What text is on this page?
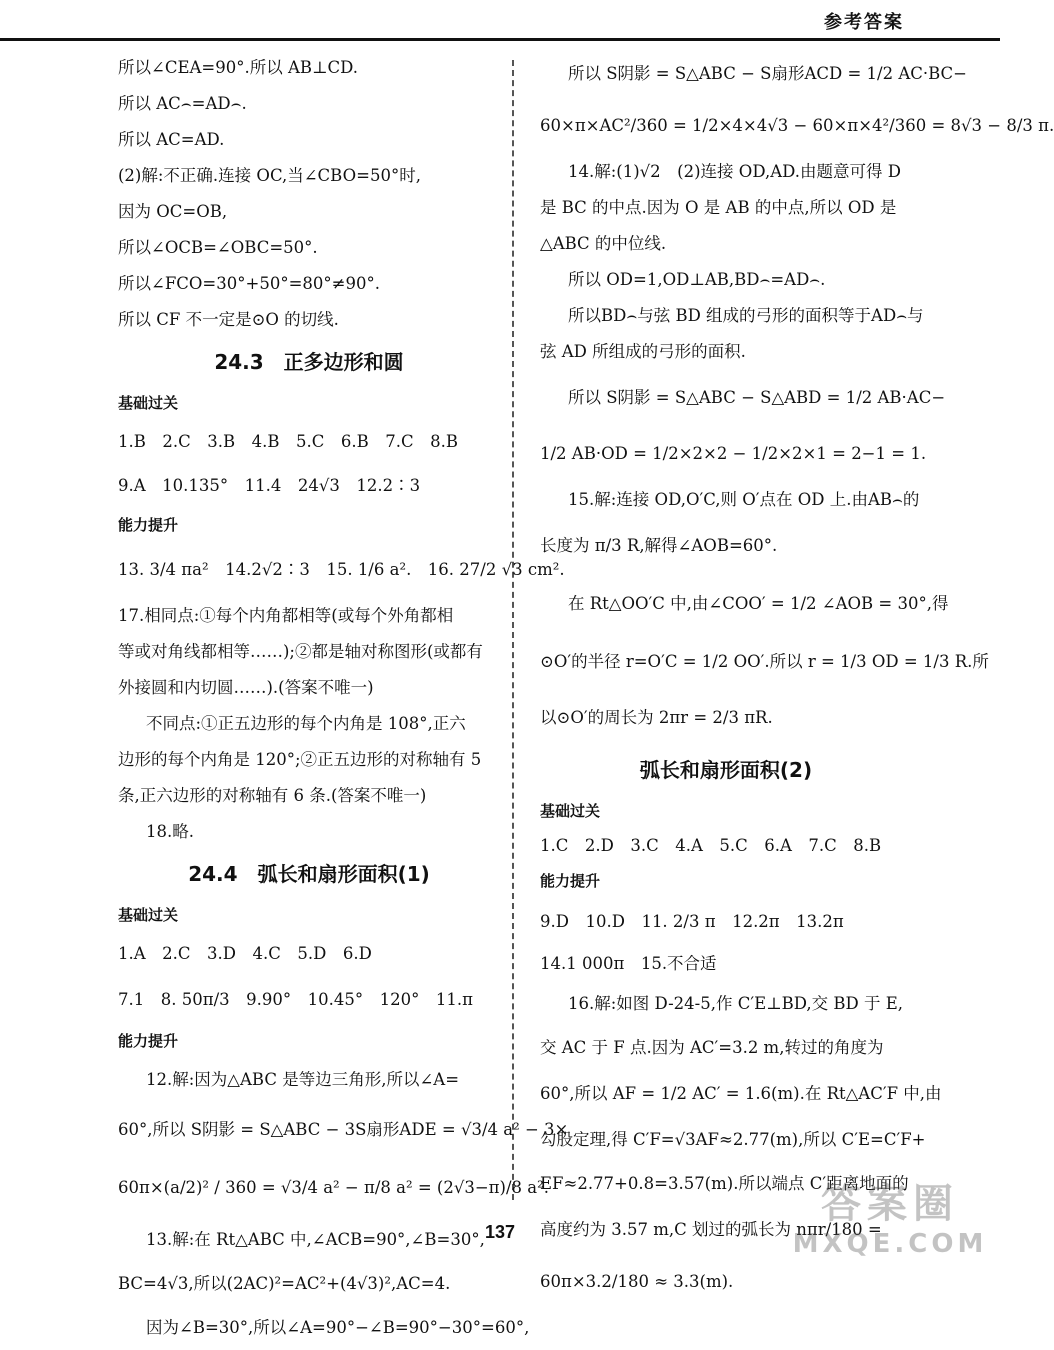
参考答案
所以∠CEA=90°.所以 AB⊥CD.
所以 AC⌢=AD⌢.
所以 AC=AD.
(2)解:不正确.连接 OC,当∠CBO=50°时,
因为 OC=OB,
所以∠OCB=∠OBC=50°.
所以∠FCO=30°+50°=80°≠90°.
所以 CF 不一定是⊙O 的切线.
24.3　正多边形和圆
基础过关
1.B　2.C　3.B　4.B　5.C　6.B　7.C　8.B
9.A　10.135°　11.4　24√3　12.2∶3
能力提升
13. 3/4 πa²　14.2√2∶3　15. 1/6 a².　16. 27/2 √3 cm².
17.相同点:①每个内角都相等(或每个外角都相
等或对角线都相等……);②都是轴对称图形(或都有
外接圆和内切圆……).(答案不唯一)
不同点:①正五边形的每个内角是 108°,正六
边形的每个内角是 120°;②正五边形的对称轴有 5
条,正六边形的对称轴有 6 条.(答案不唯一)
18.略.
24.4　弧长和扇形面积(1)
基础过关
1.A　2.C　3.D　4.C　5.D　6.D
7.1　8. 50π/3　9.90°　10.45°　120°　11.π
能力提升
12.解:因为△ABC 是等边三角形,所以∠A=
60°,所以 S阴影 = S△ABC − 3S扇形ADE = √3/4 a² − 3×
60π×(a/2)² / 360 = √3/4 a² − π/8 a² = (2√3−π)/8 a².
13.解:在 Rt△ABC 中,∠ACB=90°,∠B=30°,
BC=4√3,所以(2AC)²=AC²+(4√3)²,AC=4.
因为∠B=30°,所以∠A=90°−∠B=90°−30°=60°,
所以 S阴影 = S△ABC − S扇形ACD = 1/2 AC·BC−
60×π×AC²/360 = 1/2×4×4√3 − 60×π×4²/360 = 8√3 − 8/3 π.
14.解:(1)√2　(2)连接 OD,AD.由题意可得 D
是 BC 的中点.因为 O 是 AB 的中点,所以 OD 是
△ABC 的中位线.
所以 OD=1,OD⊥AB,BD⌢=AD⌢.
所以BD⌢与弦 BD 组成的弓形的面积等于AD⌢与
弦 AD 所组成的弓形的面积.
所以 S阴影 = S△ABC − S△ABD = 1/2 AB·AC−
1/2 AB·OD = 1/2×2×2 − 1/2×2×1 = 2−1 = 1.
15.解:连接 OD,O′C,则 O′点在 OD 上.由AB⌢的
长度为 π/3 R,解得∠AOB=60°.
在 Rt△OO′C 中,由∠COO′ = 1/2 ∠AOB = 30°,得
⊙O′的半径 r=O′C = 1/2 OO′.所以 r = 1/3 OD = 1/3 R.所
以⊙O′的周长为 2πr = 2/3 πR.
弧长和扇形面积(2)
基础过关
1.C　2.D　3.C　4.A　5.C　6.A　7.C　8.B
能力提升
9.D　10.D　11. 2/3 π　12.2π　13.2π
14.1 000π　15.不合适
16.解:如图 D-24-5,作 C′E⊥BD,交 BD 于 E,
交 AC 于 F 点.因为 AC′=3.2 m,转过的角度为
60°,所以 AF = 1/2 AC′ = 1.6(m).在 Rt△AC′F 中,由
勾股定理,得 C′F=√3AF≈2.77(m),所以 C′E=C′F+
EF≈2.77+0.8=3.57(m).所以端点 C′距离地面的
高度约为 3.57 m,C 划过的弧长为 nπr/180 =
60π×3.2/180 ≈ 3.3(m).
137
答案圈
MXQE.COM
